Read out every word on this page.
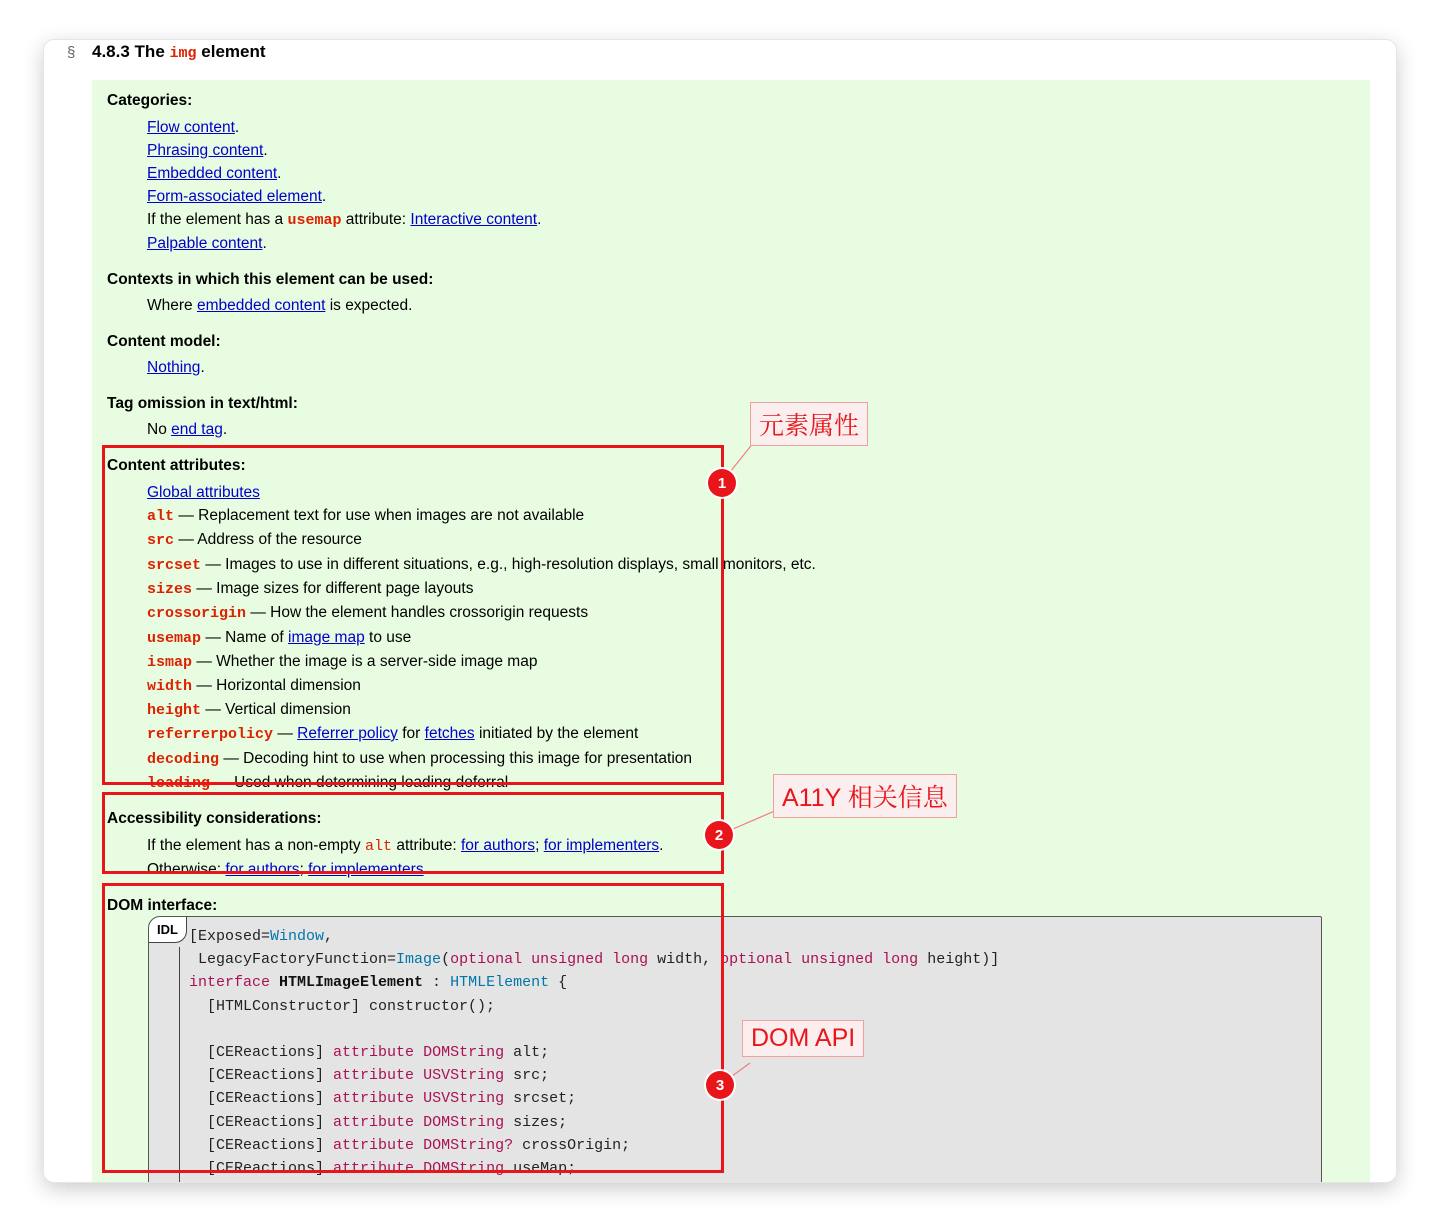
§ 4.8.3 The img element
Categories:
Flow content.
Phrasing content.
Embedded content.
Form-associated element.
If the element has a usemap attribute: Interactive content.
Palpable content.
Contexts in which this element can be used:
Where embedded content is expected.
Content model:
Nothing.
Tag omission in text/html:
No end tag.
Content attributes:
Global attributes
alt — Replacement text for use when images are not available
src — Address of the resource
srcset — Images to use in different situations, e.g., high-resolution displays, small monitors, etc.
sizes — Image sizes for different page layouts
crossorigin — How the element handles crossorigin requests
usemap — Name of image map to use
ismap — Whether the image is a server-side image map
width — Horizontal dimension
height — Vertical dimension
referrerpolicy — Referrer policy for fetches initiated by the element
decoding — Decoding hint to use when processing this image for presentation
loading — Used when determining loading deferral
Accessibility considerations:
If the element has a non-empty alt attribute: for authors; for implementers.
Otherwise: for authors; for implementers.
DOM interface:
IDL [Exposed=Window,
LegacyFactoryFunction=Image(optional unsigned long width, optional unsigned long height)]
interface HTMLImageElement : HTMLElement {
[HTMLConstructor] constructor();

[CEReactions] attribute DOMString alt;
[CEReactions] attribute USVString src;
[CEReactions] attribute USVString srcset;
[CEReactions] attribute DOMString sizes;
[CEReactions] attribute DOMString? crossOrigin;
[CEReactions] attribute DOMString useMap;
1
2
3
元素属性
A11Y 相关信息
DOM API
